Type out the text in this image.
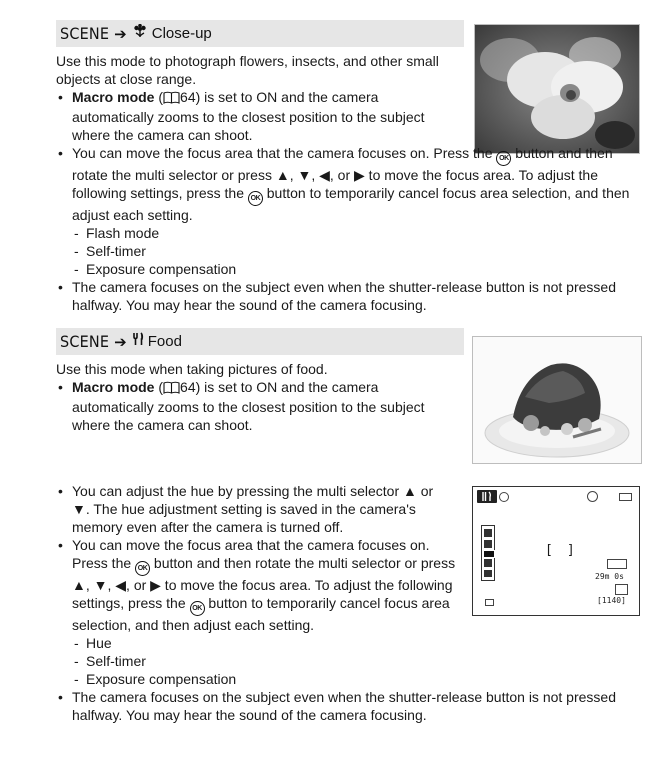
SCENE ➔ Close-up

Use this mode to photograph flowers, insects, and other small objects at close range.

• Macro mode ( 64) is set to ON and the camera automatically zooms to the closest position to the subject where the camera can shoot.
• You can move the focus area that the camera focuses on. Press the OK button and then rotate the multi selector or press ▲, ▼, ◀, or ▶ to move the focus area. To adjust the following settings, press the OK button to temporarily cancel focus area selection, and then adjust each setting.
- Flash mode
- Self-timer
- Exposure compensation
• The camera focuses on the subject even when the shutter-release button is not pressed halfway. You may hear the sound of the camera focusing.
SCENE ➔ Food

Use this mode when taking pictures of food.

• Macro mode ( 64) is set to ON and the camera automatically zooms to the closest position to the subject where the camera can shoot.
[]
29m 0s
[1140]
• You can adjust the hue by pressing the multi selector ▲ or ▼. The hue adjustment setting is saved in the camera's memory even after the camera is turned off.
• You can move the focus area that the camera focuses on. Press the OK button and then rotate the multi selector or press ▲, ▼, ◀, or ▶ to move the focus area. To adjust the following settings, press the OK button to temporarily cancel focus area selection, and then adjust each setting.
- Hue
- Self-timer
- Exposure compensation
• The camera focuses on the subject even when the shutter-release button is not pressed halfway. You may hear the sound of the camera focusing.
